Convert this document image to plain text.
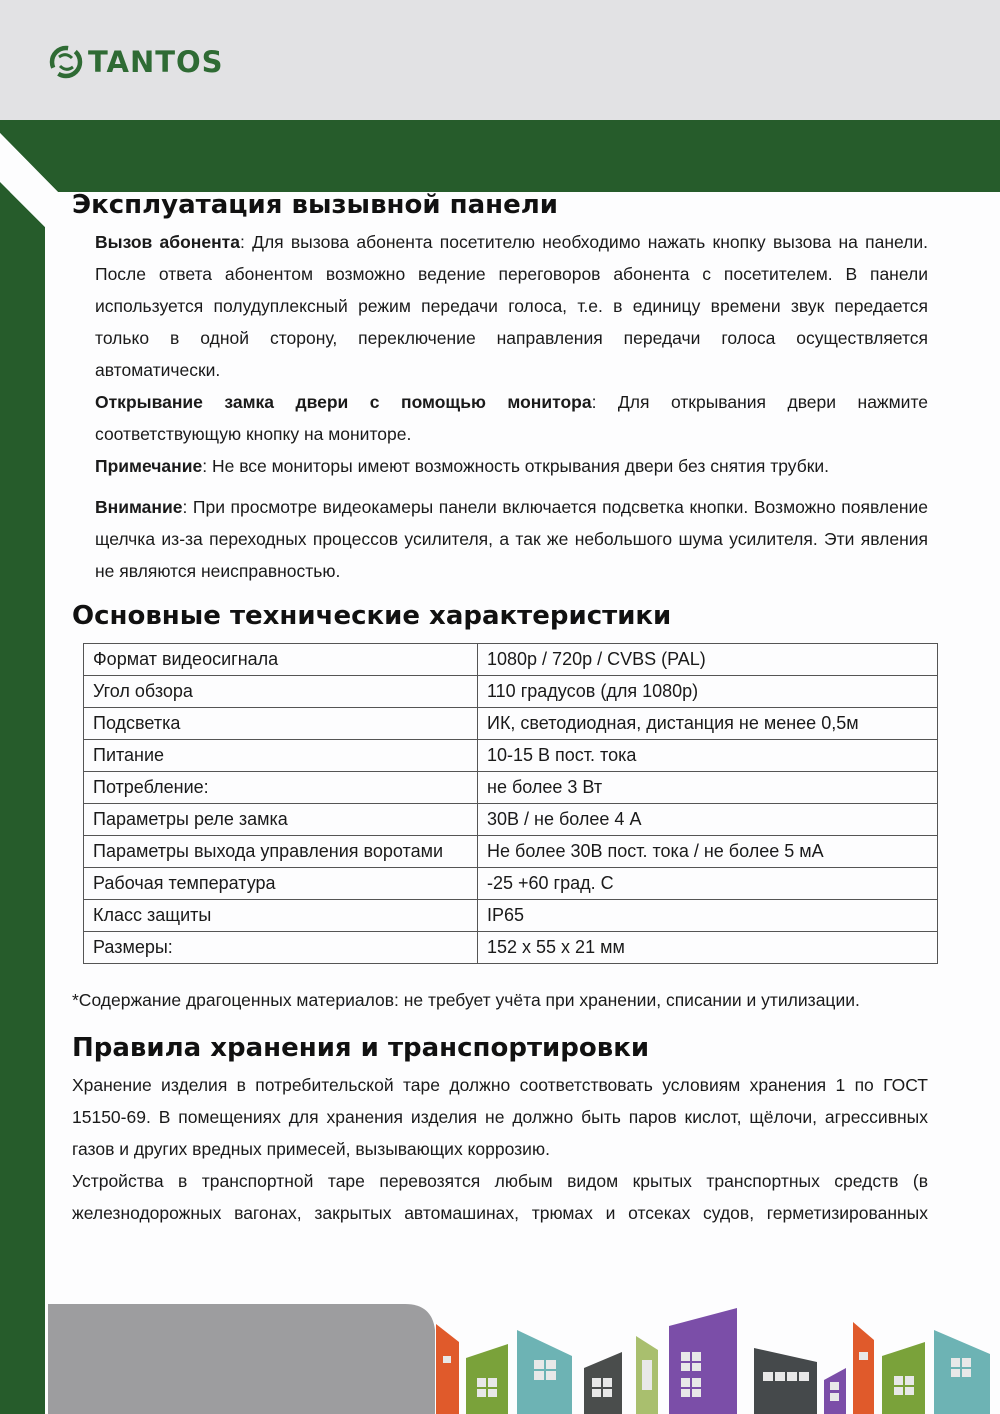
TANTOS
Эксплуатация вызывной панели

Вызов абонента: Для вызова абонента посетителю необходимо нажать кнопку вызова на панели. После ответа абонентом возможно ведение переговоров абонента с посетителем. В панели используется полудуплексный режим передачи голоса, т.е. в единицу времени звук передается только в одной сторону, переключение направления передачи голоса осуществляется автоматически.

Открывание замка двери с помощью монитора: Для открывания двери нажмите соответствующую кнопку на мониторе.

Примечание: Не все мониторы имеют возможность открывания двери без снятия трубки.

Внимание: При просмотре видеокамеры панели включается подсветка кнопки. Возможно появление щелчка из-за переходных процессов усилителя, а так же небольшого шума усилителя. Эти явления не являются неисправностью.

Основные технические характеристики
Формат видеосигнала	1080p / 720p / CVBS (PAL)
Угол обзора	110 градусов (для 1080p)
Подсветка	ИК, светодиодная, дистанция не менее 0,5м
Питание	10-15 В пост. тока
Потребление:	не более 3 Вт
Параметры реле замка	30В / не более 4 А
Параметры выхода управления воротами	Не более 30В пост. тока / не более 5 мА
Рабочая температура	-25 +60 град. С
Класс защиты	IP65
Размеры:	152 x 55 x 21 мм

*Содержание драгоценных материалов: не требует учёта при хранении, списании и утилизации.

Правила хранения и транспортировки

Хранение изделия в потребительской таре должно соответствовать условиям хранения 1 по ГОСТ 15150-69. В помещениях для хранения изделия не должно быть паров кислот, щёлочи, агрессивных газов и других вредных примесей, вызывающих коррозию.

Устройства в транспортной таре перевозятся любым видом крытых транспортных средств (в железнодорожных вагонах, закрытых автомашинах, трюмах и отсеках судов, герметизированных
